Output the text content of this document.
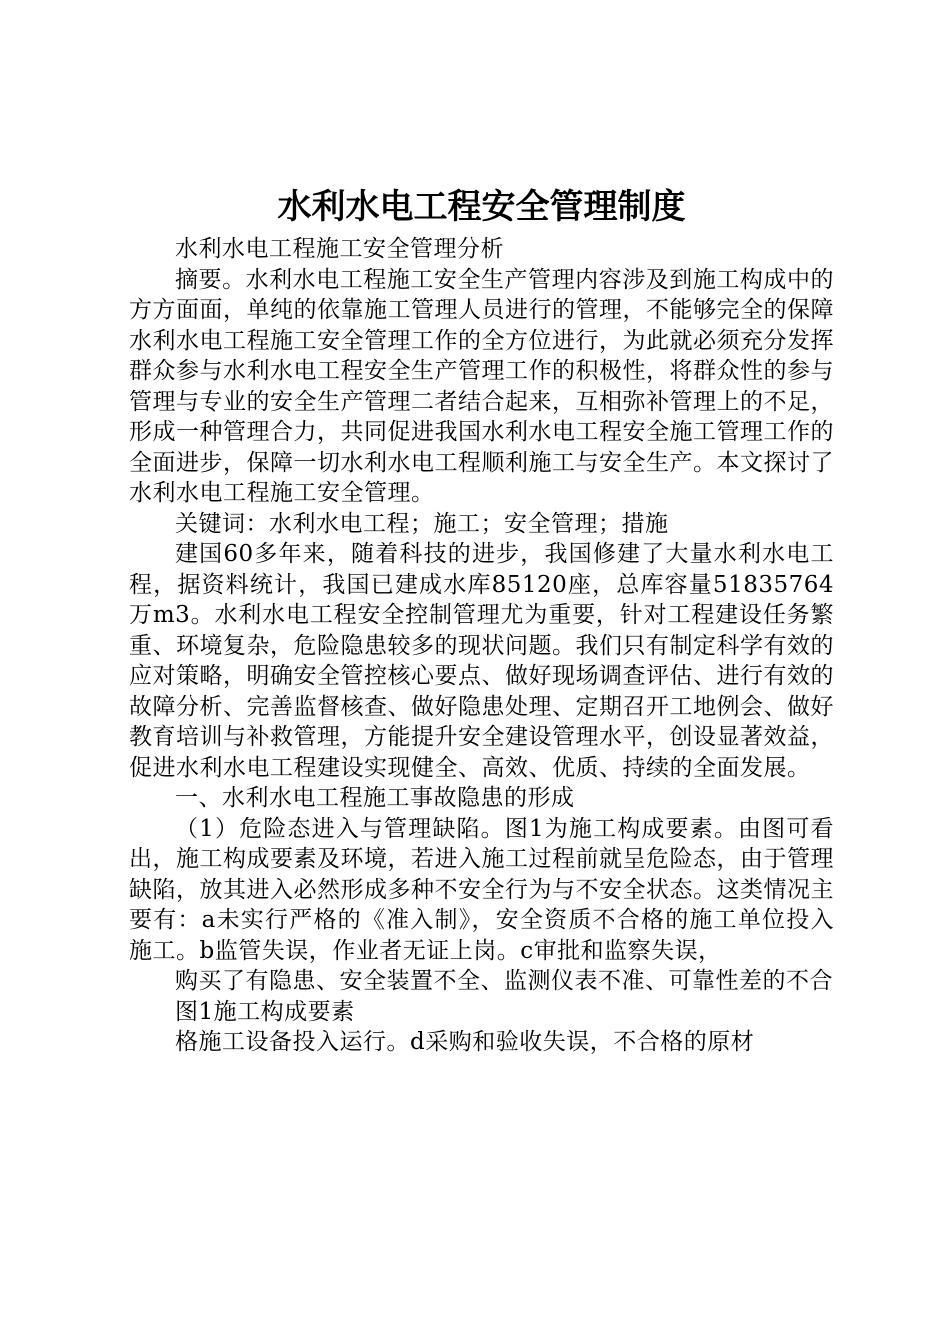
水利水电工程安全管理制度

水利水电工程施工安全管理分析

摘要。水利水电工程施工安全生产管理内容涉及到施工构成中的方方面面，单纯的依靠施工管理人员进行的管理，不能够完全的保障水利水电工程施工安全管理工作的全方位进行，为此就必须充分发挥群众参与水利水电工程安全生产管理工作的积极性，将群众性的参与管理与专业的安全生产管理二者结合起来，互相弥补管理上的不足，形成一种管理合力，共同促进我国水利水电工程安全施工管理工作的全面进步，保障一切水利水电工程顺利施工与安全生产。本文探讨了水利水电工程施工安全管理。

关键词：水利水电工程；施工；安全管理；措施

建国60多年来，随着科技的进步，我国修建了大量水利水电工程，据资料统计，我国已建成水库85120座，总库容量51835764万m3。水利水电工程安全控制管理尤为重要，针对工程建设任务繁重、环境复杂，危险隐患较多的现状问题。我们只有制定科学有效的应对策略，明确安全管控核心要点、做好现场调查评估、进行有效的故障分析、完善监督核查、做好隐患处理、定期召开工地例会、做好教育培训与补救管理，方能提升安全建设管理水平，创设显著效益，促进水利水电工程建设实现健全、高效、优质、持续的全面发展。

一、水利水电工程施工事故隐患的形成

（1）危险态进入与管理缺陷。图1为施工构成要素。由图可看出，施工构成要素及环境，若进入施工过程前就呈危险态，由于管理缺陷，放其进入必然形成多种不安全行为与不安全状态。这类情况主要有：a未实行严格的《准入制》，安全资质不合格的施工单位投入施工。b监管失误，作业者无证上岗。c审批和监察失误，

购买了有隐患、安全装置不全、监测仪表不准、可靠性差的不合

图1施工构成要素

格施工设备投入运行。d采购和验收失误，不合格的原材
